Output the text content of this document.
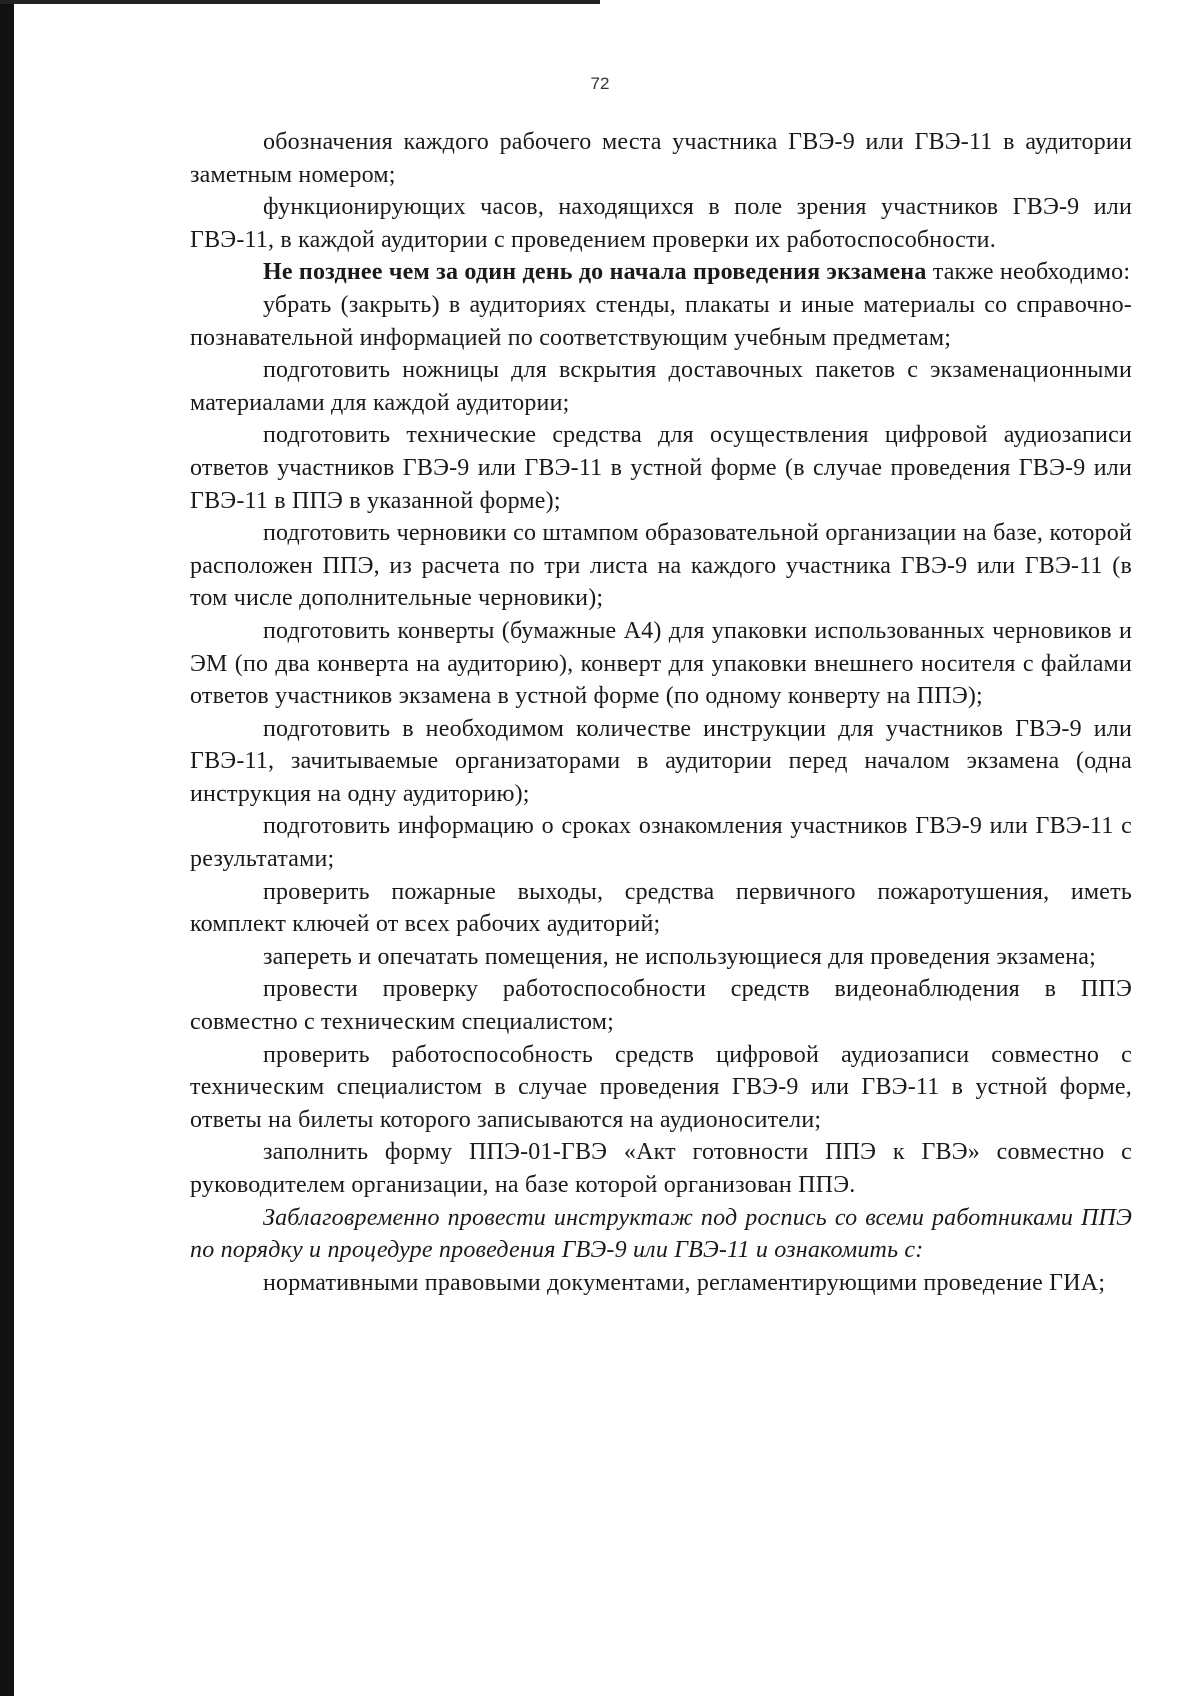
72

обозначения каждого рабочего места участника ГВЭ-9 или ГВЭ-11 в аудитории заметным номером;

функционирующих часов, находящихся в поле зрения участников ГВЭ-9 или ГВЭ-11, в каждой аудитории с проведением проверки их работоспособности.

Не позднее чем за один день до начала проведения экзамена также необходимо:

убрать (закрыть) в аудиториях стенды, плакаты и иные материалы со справочно-познавательной информацией по соответствующим учебным предметам;

подготовить ножницы для вскрытия доставочных пакетов с экзаменационными материалами для каждой аудитории;

подготовить технические средства для осуществления цифровой аудиозаписи ответов участников ГВЭ-9 или ГВЭ-11 в устной форме (в случае проведения ГВЭ-9 или ГВЭ-11 в ППЭ в указанной форме);

подготовить черновики со штампом образовательной организации на базе, которой расположен ППЭ, из расчета по три листа на каждого участника ГВЭ-9 или ГВЭ-11 (в том числе дополнительные черновики);

подготовить конверты (бумажные А4) для упаковки использованных черновиков и ЭМ (по два конверта на аудиторию), конверт для упаковки внешнего носителя с файлами ответов участников экзамена в устной форме (по одному конверту на ППЭ);

подготовить в необходимом количестве инструкции для участников ГВЭ-9 или ГВЭ-11, зачитываемые организаторами в аудитории перед началом экзамена (одна инструкция на одну аудиторию);

подготовить информацию о сроках ознакомления участников ГВЭ-9 или ГВЭ-11 с результатами;

проверить пожарные выходы, средства первичного пожаротушения, иметь комплект ключей от всех рабочих аудиторий;

запереть и опечатать помещения, не использующиеся для проведения экзамена;

провести проверку работоспособности средств видеонаблюдения в ППЭ совместно с техническим специалистом;

проверить работоспособность средств цифровой аудиозаписи совместно с техническим специалистом в случае проведения ГВЭ-9 или ГВЭ-11 в устной форме, ответы на билеты которого записываются на аудионосители;

заполнить форму ППЭ-01-ГВЭ «Акт готовности ППЭ к ГВЭ» совместно с руководителем организации, на базе которой организован ППЭ.

Заблаговременно провести инструктаж под роспись со всеми работниками ППЭ по порядку и процедуре проведения ГВЭ-9 или ГВЭ-11 и ознакомить с:

нормативными правовыми документами, регламентирующими проведение ГИА;
